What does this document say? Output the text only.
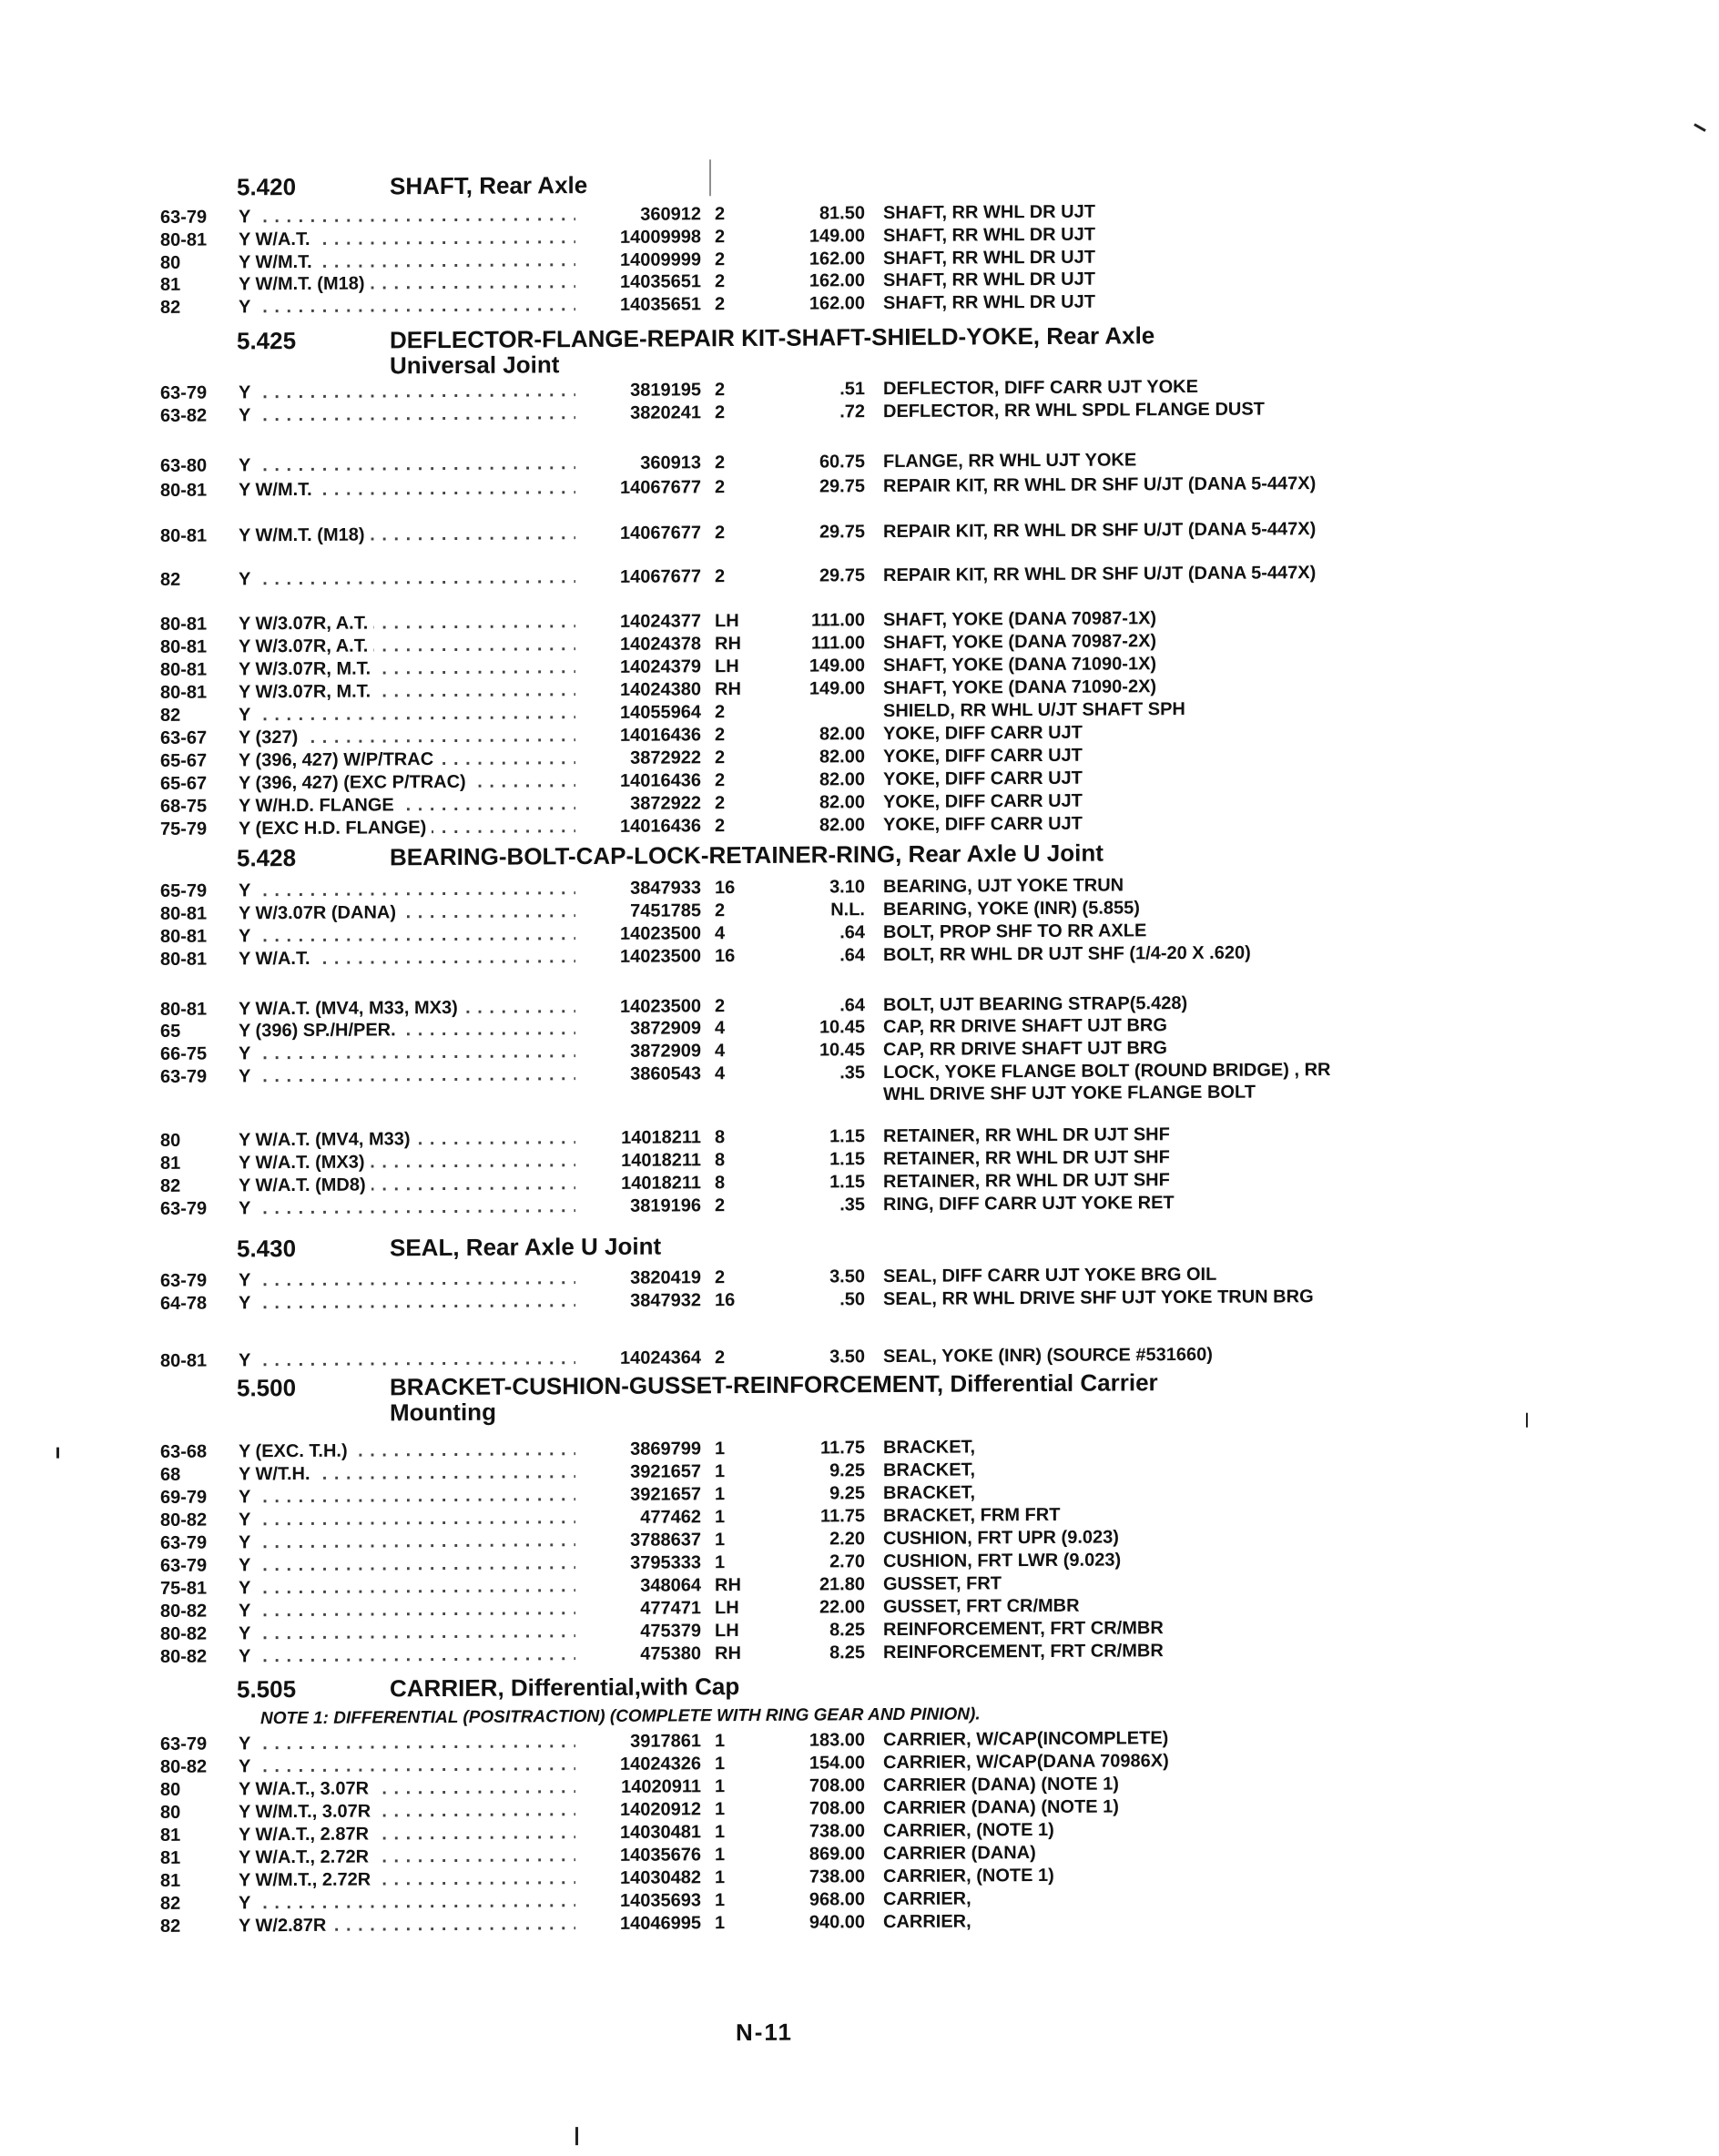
5.420	SHAFT, Rear Axle
63-79	Y . . .	360912 2	81.50 SHAFT, RR WHL DR UJT
80-81	Y W/A.T. . . .	14009998 2	149.00 SHAFT, RR WHL DR UJT
80	Y W/M.T. . . .	14009999 2	162.00 SHAFT, RR WHL DR UJT
81	Y W/M.T. (M18) . . .	14035651 2	162.00 SHAFT, RR WHL DR UJT
82	Y . . .	14035651 2	162.00 SHAFT, RR WHL DR UJT
5.425	DEFLECTOR-FLANGE-REPAIR KIT-SHAFT-SHIELD-YOKE, Rear Axle
Universal Joint
63-79	Y . . .	3819195 2	.51 DEFLECTOR, DIFF CARR UJT YOKE
63-82	Y . . .	3820241 2	.72 DEFLECTOR, RR WHL SPDL FLANGE DUST
63-80	Y . . .	360913 2	60.75 FLANGE, RR WHL UJT YOKE
80-81	Y W/M.T. . . .	14067677 2	29.75 REPAIR KIT, RR WHL DR SHF U/JT (DANA 5-447X)
80-81	Y W/M.T. (M18) . . .	14067677 2	29.75 REPAIR KIT, RR WHL DR SHF U/JT (DANA 5-447X)
82	Y . . .	14067677 2	29.75 REPAIR KIT, RR WHL DR SHF U/JT (DANA 5-447X)
80-81	Y W/3.07R, A.T. . . .	14024377 LH	111.00 SHAFT, YOKE (DANA 70987-1X)
80-81	Y W/3.07R, A.T. . . .	14024378 RH	111.00 SHAFT, YOKE (DANA 70987-2X)
80-81	Y W/3.07R, M.T. . . .	14024379 LH	149.00 SHAFT, YOKE (DANA 71090-1X)
80-81	Y W/3.07R, M.T. . . .	14024380 RH	149.00 SHAFT, YOKE (DANA 71090-2X)
82	Y . . .	14055964 2	SHIELD, RR WHL U/JT SHAFT SPH
63-67	Y (327) . . .	14016436 2	82.00 YOKE, DIFF CARR UJT
65-67	Y (396, 427) W/P/TRAC . . .	3872922 2	82.00 YOKE, DIFF CARR UJT
65-67	Y (396, 427) (EXC P/TRAC) . . .	14016436 2	82.00 YOKE, DIFF CARR UJT
68-75	Y W/H.D. FLANGE . . .	3872922 2	82.00 YOKE, DIFF CARR UJT
75-79	Y (EXC H.D. FLANGE) . . .	14016436 2	82.00 YOKE, DIFF CARR UJT
5.428	BEARING-BOLT-CAP-LOCK-RETAINER-RING, Rear Axle U Joint
65-79	Y . . .	3847933 16	3.10 BEARING, UJT YOKE TRUN
80-81	Y W/3.07R (DANA) . . .	7451785 2	N.L. BEARING, YOKE (INR) (5.855)
80-81	Y . . .	14023500 4	.64 BOLT, PROP SHF TO RR AXLE
80-81	Y W/A.T. . . .	14023500 16	.64 BOLT, RR WHL DR UJT SHF (1/4-20 X .620)
80-81	Y W/A.T. (MV4, M33, MX3) . . .	14023500 2	.64 BOLT, UJT BEARING STRAP(5.428)
65	Y (396) SP./H/PER. . . .	3872909 4	10.45 CAP, RR DRIVE SHAFT UJT BRG
66-75	Y . . .	3872909 4	10.45 CAP, RR DRIVE SHAFT UJT BRG
63-79	Y . . .	3860543 4	.35 LOCK, YOKE FLANGE BOLT (ROUND BRIDGE) , RR WHL DRIVE SHF UJT YOKE FLANGE BOLT
80	Y W/A.T. (MV4, M33) . . .	14018211 8	1.15 RETAINER, RR WHL DR UJT SHF
81	Y W/A.T. (MX3) . . .	14018211 8	1.15 RETAINER, RR WHL DR UJT SHF
82	Y W/A.T. (MD8) . . .	14018211 8	1.15 RETAINER, RR WHL DR UJT SHF
63-79	Y . . .	3819196 2	.35 RING, DIFF CARR UJT YOKE RET
5.430	SEAL, Rear Axle U Joint
63-79	Y . . .	3820419 2	3.50 SEAL, DIFF CARR UJT YOKE BRG OIL
64-78	Y . . .	3847932 16	.50 SEAL, RR WHL DRIVE SHF UJT YOKE TRUN BRG
80-81	Y . . .	14024364 2	3.50 SEAL, YOKE (INR) (SOURCE #531660)
5.500	BRACKET-CUSHION-GUSSET-REINFORCEMENT, Differential Carrier
Mounting
63-68	Y (EXC. T.H.) . . .	3869799 1	11.75 BRACKET,
68	Y W/T.H. . . .	3921657 1	9.25 BRACKET,
69-79	Y . . .	3921657 1	9.25 BRACKET,
80-82	Y . . .	477462 1	11.75 BRACKET, FRM FRT
63-79	Y . . .	3788637 1	2.20 CUSHION, FRT UPR (9.023)
63-79	Y . . .	3795333 1	2.70 CUSHION, FRT LWR (9.023)
75-81	Y . . .	348064 RH	21.80 GUSSET, FRT
80-82	Y . . .	477471 LH	22.00 GUSSET, FRT CR/MBR
80-82	Y . . .	475379 LH	8.25 REINFORCEMENT, FRT CR/MBR
80-82	Y . . .	475380 RH	8.25 REINFORCEMENT, FRT CR/MBR
5.505	CARRIER, Differential,with Cap
NOTE 1: DIFFERENTIAL (POSITRACTION) (COMPLETE WITH RING GEAR AND PINION).
63-79	Y . . .	3917861 1	183.00 CARRIER, W/CAP(INCOMPLETE)
80-82	Y . . .	14024326 1	154.00 CARRIER, W/CAP(DANA 70986X)
80	Y W/A.T., 3.07R . . .	14020911 1	708.00 CARRIER (DANA) (NOTE 1)
80	Y W/M.T., 3.07R . . .	14020912 1	708.00 CARRIER (DANA) (NOTE 1)
81	Y W/A.T., 2.87R . . .	14030481 1	738.00 CARRIER, (NOTE 1)
81	Y W/A.T., 2.72R . . .	14035676 1	869.00 CARRIER (DANA)
81	Y W/M.T., 2.72R . . .	14030482 1	738.00 CARRIER, (NOTE 1)
82	Y . . .	14035693 1	968.00 CARRIER,
82	Y W/2.87R . . .	14046995 1	940.00 CARRIER,
N-11
